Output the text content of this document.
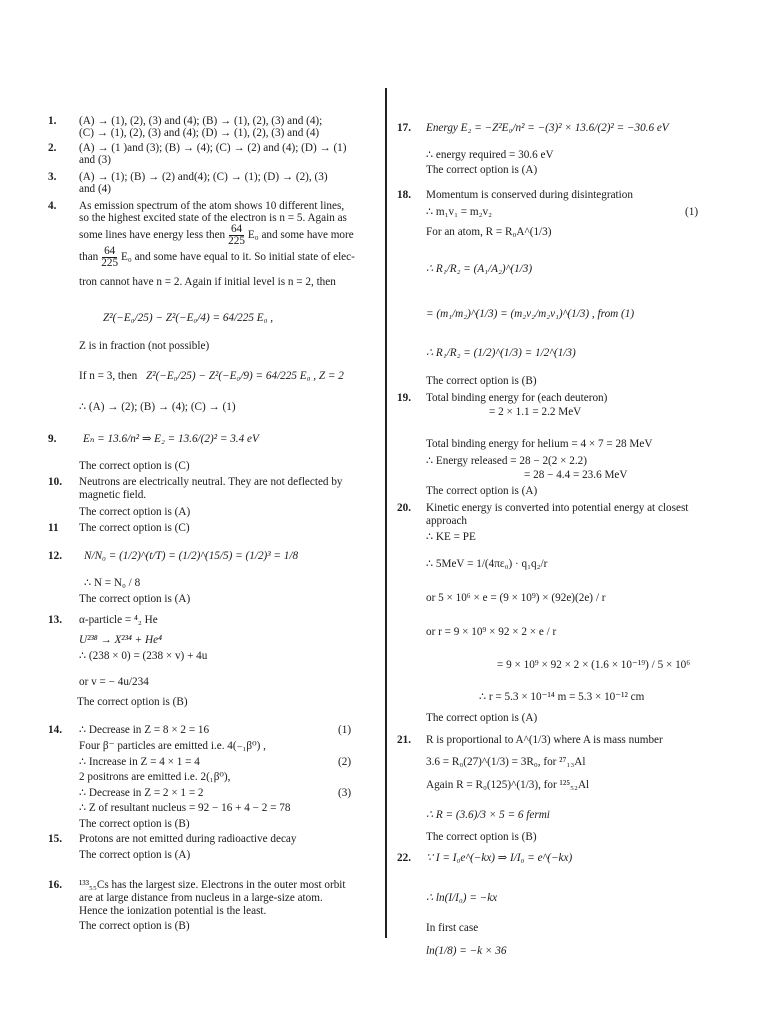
1. (A) → (1), (2), (3) and (4); (B) → (1), (2), (3) and (4);
(C) → (1), (2), (3) and (4); (D) → (1), (2), (3) and (4)
2. (A) → (1 )and (3); (B) → (4); (C) → (2) and (4); (D) → (1)
and (3)
3. (A) → (1); (B) → (2) and(4); (C) → (1); (D) → (2), (3)
and (4)
4. As emission spectrum of the atom shows 10 different lines,
so the highest excited state of the electron is n = 5. Again as
some lines have energy less then $\frac{64}{225} E_0$ and some have more
than $\frac{64}{225} E_0$ and some have equal to it. So initial state of elec-
tron cannot have n = 2. Again if initial level is n = 2, then
Z²(−E₀/25) − Z²(−E₀/4) = 64/225 E₀ ,
Z is in fraction (not possible)
If n = 3, then Z²(−E₀/25) − Z²(−E₀/9) = 64/225 E₀ , Z = 2
∴ (A) → (2); (B) → (4); (C) → (1)
9. Eₙ = 13.6/n² ⇒ E₂ = 13.6/(2)² = 3.4 eV
The correct option is (C)
10. Neutrons are electrically neutral. They are not deflected by
magnetic field.
The correct option is (A)
11 The correct option is (C)
12. N/N₀ = (1/2)^(t/T) = (1/2)^(15/5) = (1/2)³ = 1/8
∴ N = N₀ / 8
The correct option is (A)
13. α-particle = ⁴₂ He
U²³⁸ → X²³⁴ + He⁴
∴ (238 × 0) = (238 × v) + 4u
or v = − 4u/234
The correct option is (B)
14. ∴ Decrease in Z = 8 × 2 = 16	(1)
Four β⁻ particles are emitted i.e. 4(₋₁β⁰) ,
∴ Increase in Z = 4 × 1 = 4	(2)
2 positrons are emitted i.e. 2(₁β⁰),
∴ Decrease in Z = 2 × 1 = 2	(3)
∴ Z of resultant nucleus = 92 − 16 + 4 − 2 = 78
The correct option is (B)
15. Protons are not emitted during radioactive decay
The correct option is (A)
16. ¹³³₅₅Cs has the largest size. Electrons in the outer most orbit
are at large distance from nucleus in a large-size atom.
Hence the ionization potential is the least.
The correct option is (B)
17. Energy E₂ = −Z²E₀/n² = −(3)² × 13.6/(2)² = −30.6 eV
∴ energy required = 30.6 eV
The correct option is (A)
18. Momentum is conserved during disintegration
∴ m₁v₁ = m₂v₂	(1)
For an atom, R = R₀A^(1/3)
∴ R₁/R₂ = (A₁/A₂)^(1/3)
= (m₁/m₂)^(1/3) = (m₂v₂/m₂v₁)^(1/3) , from (1)
∴ R₁/R₂ = (1/2)^(1/3) = 1/2^(1/3)
The correct option is (B)
19. Total binding energy for (each deuteron)
= 2 × 1.1 = 2.2 MeV
Total binding energy for helium = 4 × 7 = 28 MeV
∴ Energy released = 28 − 2(2 × 2.2)
= 28 − 4.4 = 23.6 MeV
The correct option is (A)
20. Kinetic energy is converted into potential energy at closest
approach
∴ KE = PE
∴ 5MeV = 1/(4πε₀) · q₁q₂/r
or 5 × 10⁶ × e = (9 × 10⁹) × (92e)(2e) / r
or r = 9 × 10⁹ × 92 × 2 × e / r
= 9 × 10⁹ × 92 × 2 × (1.6 × 10⁻¹⁹) / 5 × 10⁶
∴ r = 5.3 × 10⁻¹⁴ m = 5.3 × 10⁻¹² cm
The correct option is (A)
21. R is proportional to A^(1/3) where A is mass number
3.6 = R₀(27)^(1/3) = 3R₀, for ²⁷₁₃Al
Again R = R₀(125)^(1/3), for ¹²⁵₅₂Al
∴ R = (3.6)/3 × 5 = 6 fermi
The correct option is (B)
22. ∵ I = I₀e^(−kx) ⇒ I/I₀ = e^(−kx)
∴ ln(I/I₀) = −kx
In first case
ln(1/8) = −k × 36
